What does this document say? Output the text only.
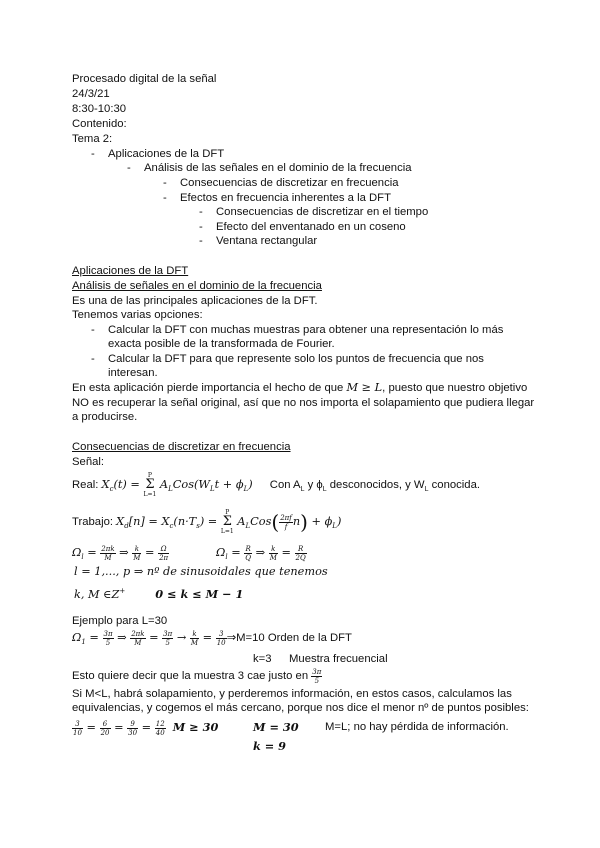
Procesado digital de la señal
24/3/21
8:30-10:30
Contenido:
Tema 2:
- Aplicaciones de la DFT
- Análisis de las señales en el dominio de la frecuencia
- Consecuencias de discretizar en frecuencia
- Efectos en frecuencia inherentes a la DFT
- Consecuencias de discretizar en el tiempo
- Efecto del enventanado en un coseno
- Ventana rectangular
Aplicaciones de la DFT
Análisis de señales en el dominio de la frecuencia
Es una de las principales aplicaciones de la DFT.
Tenemos varias opciones:
- Calcular la DFT con muchas muestras para obtener una representación lo más
exacta posible de la transformada de Fourier.
- Calcular la DFT para que represente solo los puntos de frecuencia que nos
interesan.
En esta aplicación pierde importancia el hecho de que M ≥ L, puesto que nuestro objetivo
NO es recuperar la señal original, así que no nos importa el solapamiento que pudiera llegar
a producirse.
Consecuencias de discretizar en frecuencia
Señal:
Real: $X_c(t) = P$
Σ
L=1 $A_LCos(W_Lt + \phi_L)$ Con $A_L$ y $\phi_L$ desconocidos, y $W_L$ conocida.
Trabajo: $X_d[n] = X_c(n\cdot T_s) = P$
Σ
L=1 $A_LCos( \frac{2\pi f}{f} n) + \phi_L$)
$\Omega_l = \frac{2\pi k}{M}$ ⇒ $\frac{k}{M} = \frac{\Omega}{2\pi}$	$\Omega_l = \frac{R}{Q}$ ⇒ $\frac{k}{M} = \frac{R}{2Q}$
l = 1,..., p ⇒ nº de sinusoidales que tenemos
k, M ∈Z+	0 ≤ k ≤ M − 1
Ejemplo para L=30
$\Omega_1 = \frac{3\pi}{5}$ ⇒ $\frac{2\pi k}{M} = \frac{3\pi}{5} \to \frac{k}{M} = \frac{3}{10}$ ⇒M=10 Orden de la DFT
k=3 Muestra frecuencial
Esto quiere decir que la muestra 3 cae justo en $\frac{3\pi}{5}$
Si M<L, habrá solapamiento, y perderemos información, en estos casos, calculamos las
equivalencias, y cogemos el más cercano, porque nos dice el menor nº de puntos posibles:
$\frac{3}{10} = \frac{6}{20} = \frac{9}{30} = \frac{12}{40}$ M ≥ 30	M = 30 M=L; no hay pérdida de información.
k = 9
